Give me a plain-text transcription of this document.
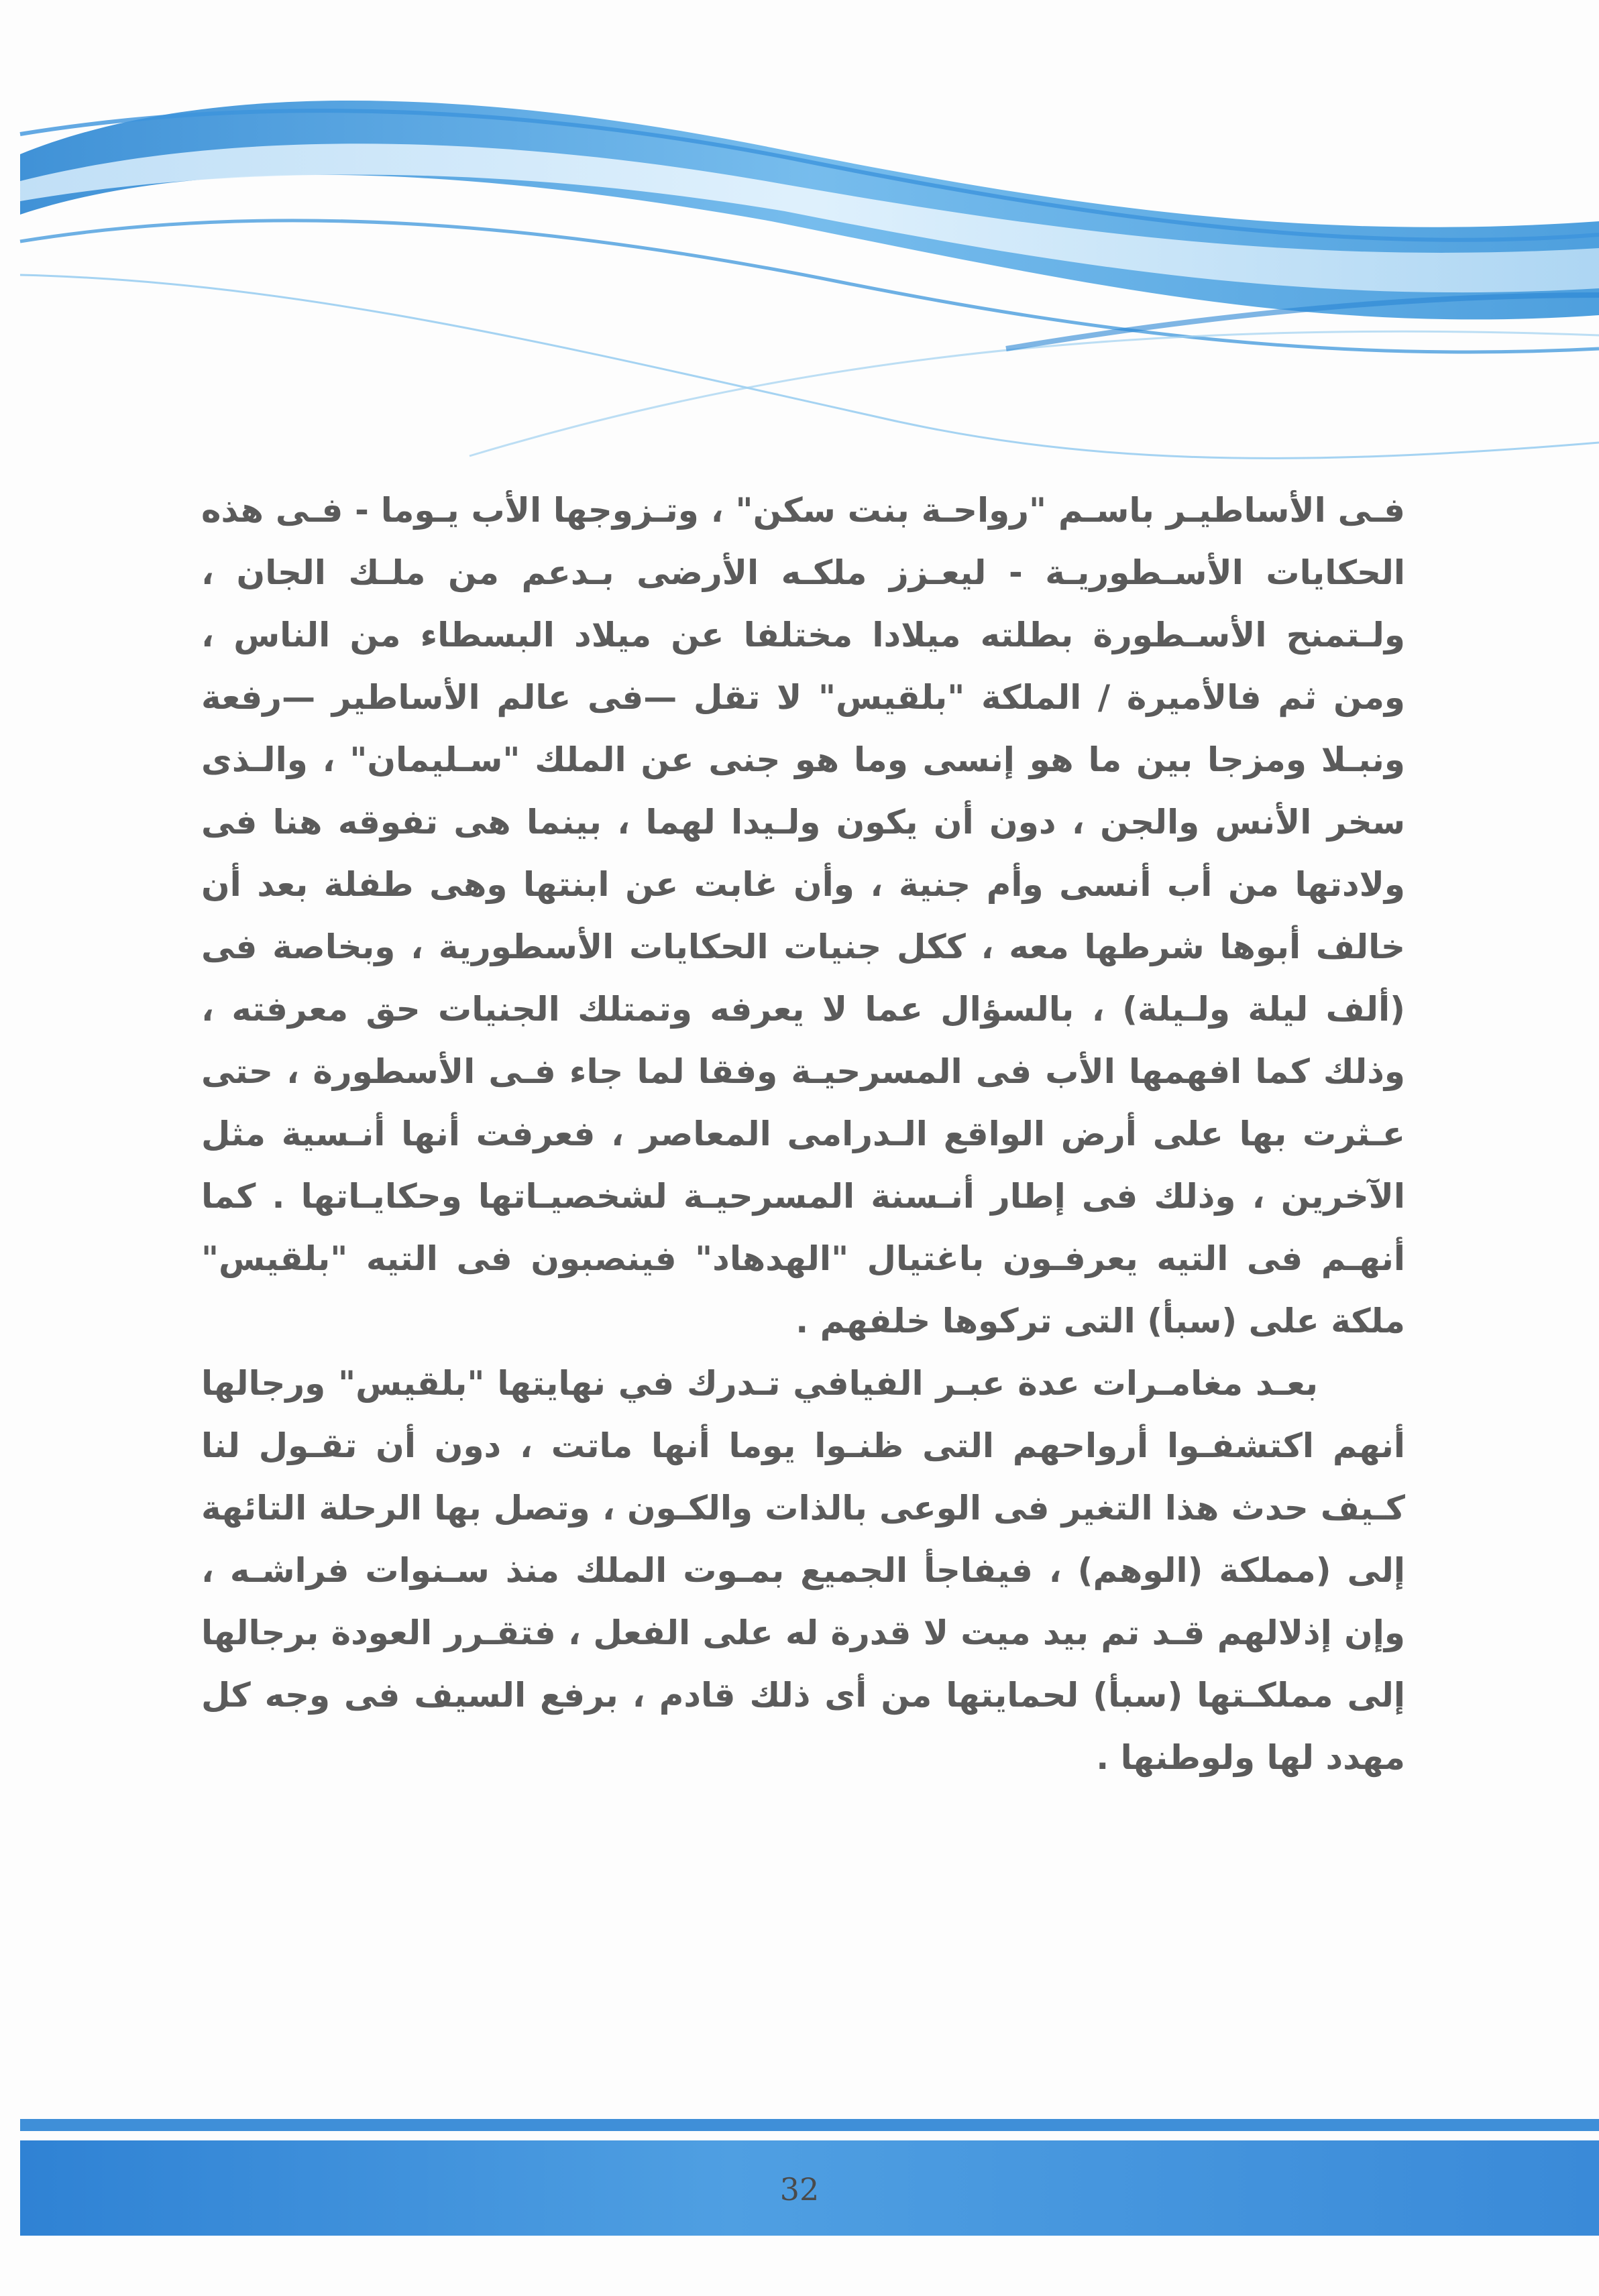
فـى الأساطيـر باسـم "رواحـة بنت سكن" ، وتـزوجها الأب يـوما - فـى هذه الحكايات الأسـطوريـة - ليعـزز ملكـه الأرضى بـدعم من ملـك الجان ، ولـتمنح الأسـطورة بطلته ميلادا مختلفا عن ميلاد البسطاء من الناس ، ومن ثم فالأميرة / الملكة "بلقيس" لا تقل —فى عالم الأساطير —رفعة ونبـلا ومزجا بين ما هو إنسى وما هو جنى عن الملك "سـليمان" ، والـذى سخر الأنس والجن ، دون أن يكون ولـيدا لهما ، بينما هى تفوقه هنا فى ولادتها من أب أنسى وأم جنية ، وأن غابت عن ابنتها وهى طفلة بعد أن خالف أبوها شرطها معه ، ككل جنيات الحكايات الأسطورية ، وبخاصة فى (ألف ليلة ولـيلة) ، بالسؤال عما لا يعرفه وتمتلك الجنيات حق معرفته ، وذلك كما افهمها الأب فى المسرحيـة وفقا لما جاء فـى الأسطورة ، حتى عـثرت بها على أرض الواقع الـدرامى المعاصر ، فعرفت أنها أنـسية مثل الآخرين ، وذلك فى إطار أنـسنة المسرحيـة لشخصيـاتها وحكايـاتها . كما أنهـم فى التيه يعرفـون باغتيال "الهدهاد" فينصبون فى التيه "بلقيس" ملكة على (سبأ) التى تركوها خلفهم .

بعـد مغامـرات عدة عبـر الفيافي تـدرك في نهايتها "بلقيس" ورجالها أنهم اكتشفـوا أرواحهم التى ظنـوا يوما أنها ماتت ، دون أن تقـول لنا كـيف حدث هذا التغير فى الوعى بالذات والكـون ، وتصل بها الرحلة التائهة إلى (مملكة (الوهم) ، فيفاجأ الجميع بمـوت الملك منذ سـنوات فراشـه ، وإن إذلالهم قـد تم بيد ميت لا قدرة له على الفعل ، فتقـرر العودة برجالها إلى مملكـتها (سبأ) لحمايتها من أى ذلك قادم ، برفع السيف فى وجه كل مهدد لها ولوطنها .

32
